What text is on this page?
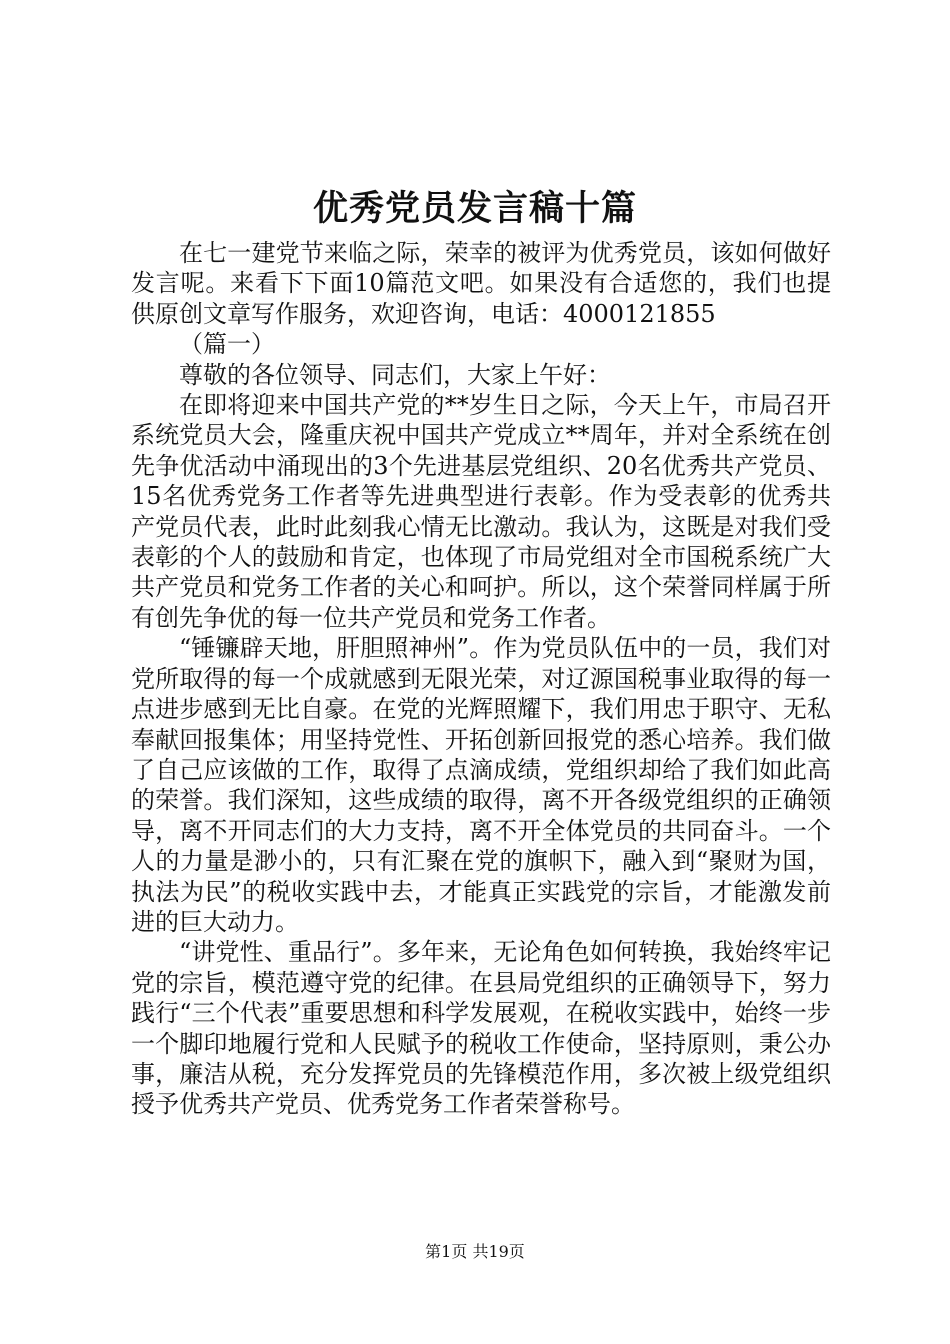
优秀党员发言稿十篇

在七一建党节来临之际，荣幸的被评为优秀党员，该如何做好发言呢。来看下下面10篇范文吧。如果没有合适您的，我们也提供原创文章写作服务，欢迎咨询，电话：4000121855

（篇一）

尊敬的各位领导、同志们，大家上午好：

在即将迎来中国共产党的**岁生日之际，今天上午，市局召开系统党员大会，隆重庆祝中国共产党成立**周年，并对全系统在创先争优活动中涌现出的3个先进基层党组织、20名优秀共产党员、15名优秀党务工作者等先进典型进行表彰。作为受表彰的优秀共产党员代表，此时此刻我心情无比激动。我认为，这既是对我们受表彰的个人的鼓励和肯定，也体现了市局党组对全市国税系统广大共产党员和党务工作者的关心和呵护。所以，这个荣誉同样属于所有创先争优的每一位共产党员和党务工作者。

“锤镰辟天地，肝胆照神州”。作为党员队伍中的一员，我们对党所取得的每一个成就感到无限光荣，对辽源国税事业取得的每一点进步感到无比自豪。在党的光辉照耀下，我们用忠于职守、无私奉献回报集体；用坚持党性、开拓创新回报党的悉心培养。我们做了自己应该做的工作，取得了点滴成绩，党组织却给了我们如此高的荣誉。我们深知，这些成绩的取得，离不开各级党组织的正确领导，离不开同志们的大力支持，离不开全体党员的共同奋斗。一个人的力量是渺小的，只有汇聚在党的旗帜下，融入到“聚财为国，执法为民”的税收实践中去，才能真正实践党的宗旨，才能激发前进的巨大动力。

“讲党性、重品行”。多年来，无论角色如何转换，我始终牢记党的宗旨，模范遵守党的纪律。在县局党组织的正确领导下，努力践行“三个代表”重要思想和科学发展观，在税收实践中，始终一步一个脚印地履行党和人民赋予的税收工作使命，坚持原则，秉公办事，廉洁从税，充分发挥党员的先锋模范作用，多次被上级党组织授予优秀共产党员、优秀党务工作者荣誉称号。

第1页 共19页
